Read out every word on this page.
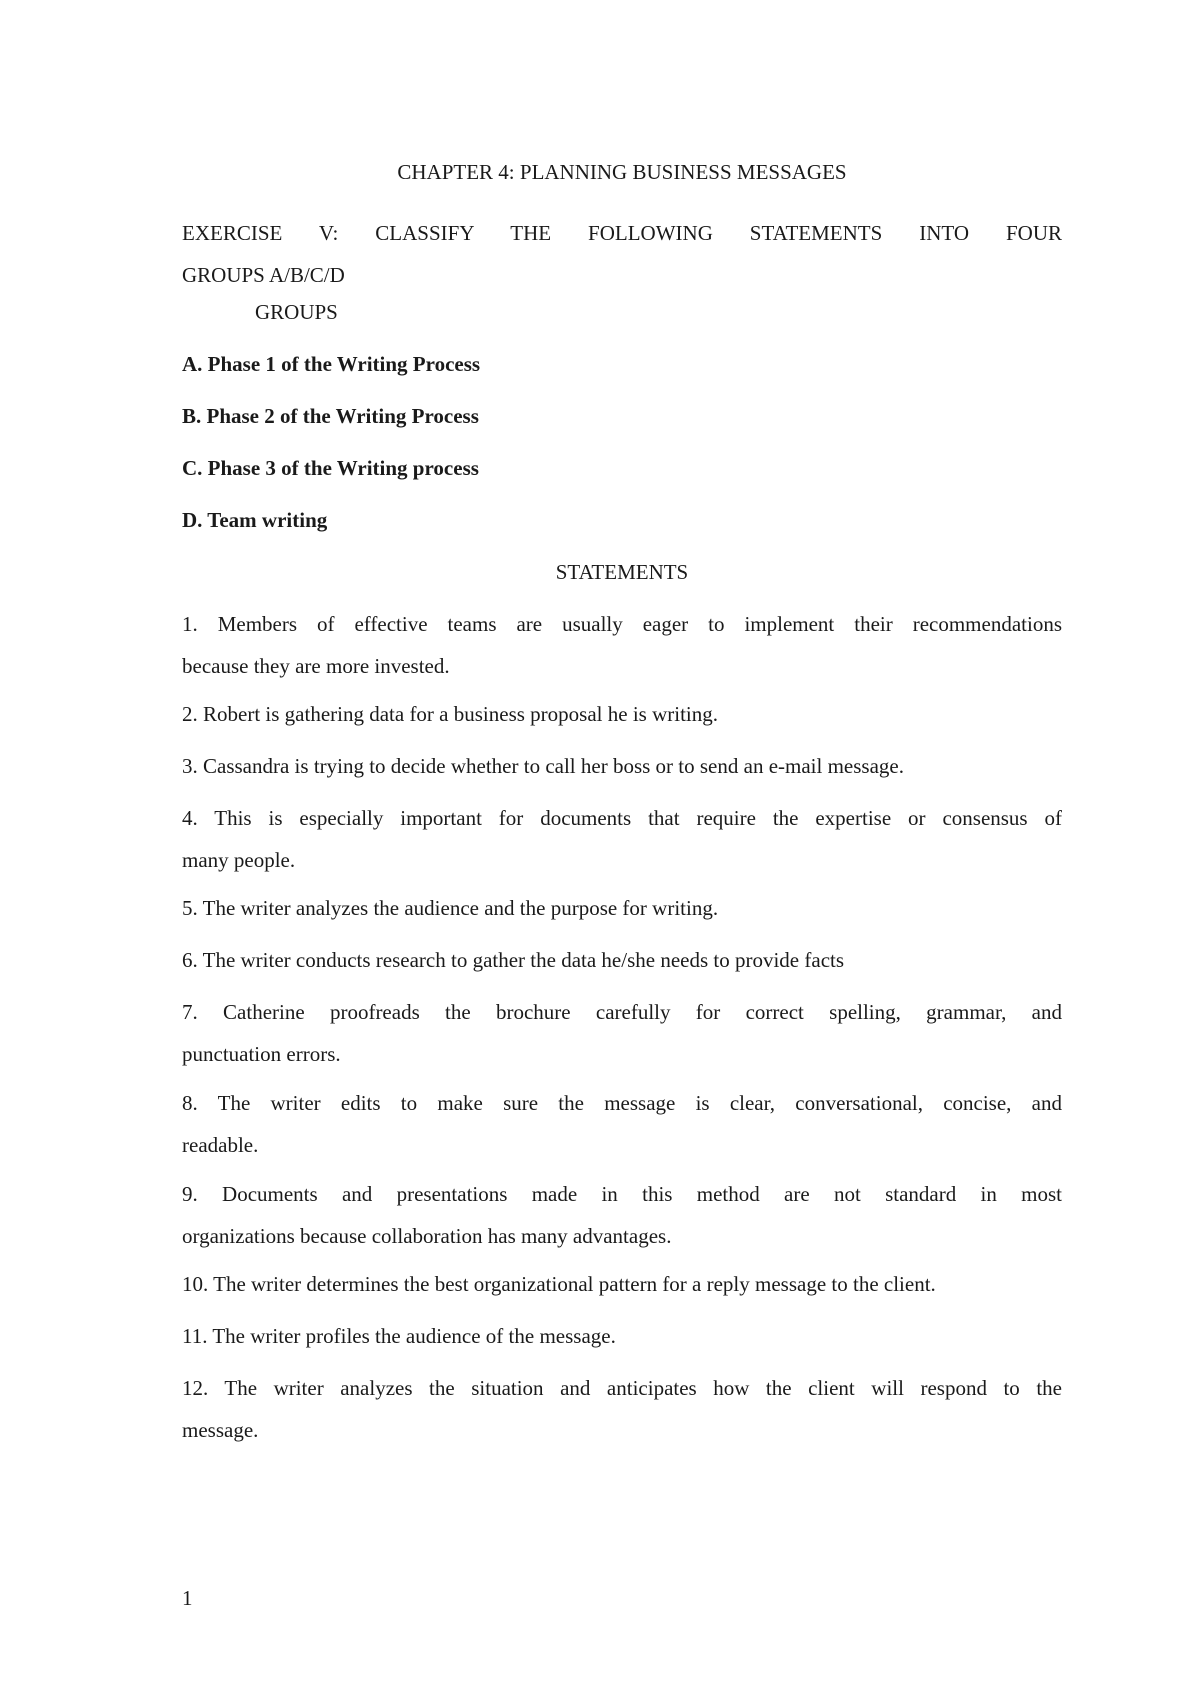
CHAPTER 4: PLANNING BUSINESS MESSAGES
EXERCISE V: CLASSIFY THE FOLLOWING STATEMENTS INTO FOUR
GROUPS A/B/C/D
GROUPS
A. Phase 1 of the Writing Process
B. Phase 2 of the Writing Process
C. Phase 3 of the Writing process
D. Team writing
STATEMENTS
1. Members of effective teams are usually eager to implement their recommendations
because they are more invested.
2. Robert is gathering data for a business proposal he is writing.
3. Cassandra is trying to decide whether to call her boss or to send an e-mail message.
4. This is especially important for documents that require the expertise or consensus of
many people.
5. The writer analyzes the audience and the purpose for writing.
6. The writer conducts research to gather the data he/she needs to provide facts
7. Catherine proofreads the brochure carefully for correct spelling, grammar, and
punctuation errors.
8. The writer edits to make sure the message is clear, conversational, concise, and
readable.
9. Documents and presentations made in this method are not standard in most
organizations because collaboration has many advantages.
10. The writer determines the best organizational pattern for a reply message to the client.
11. The writer profiles the audience of the message.
12. The writer analyzes the situation and anticipates how the client will respond to the
message.
1
